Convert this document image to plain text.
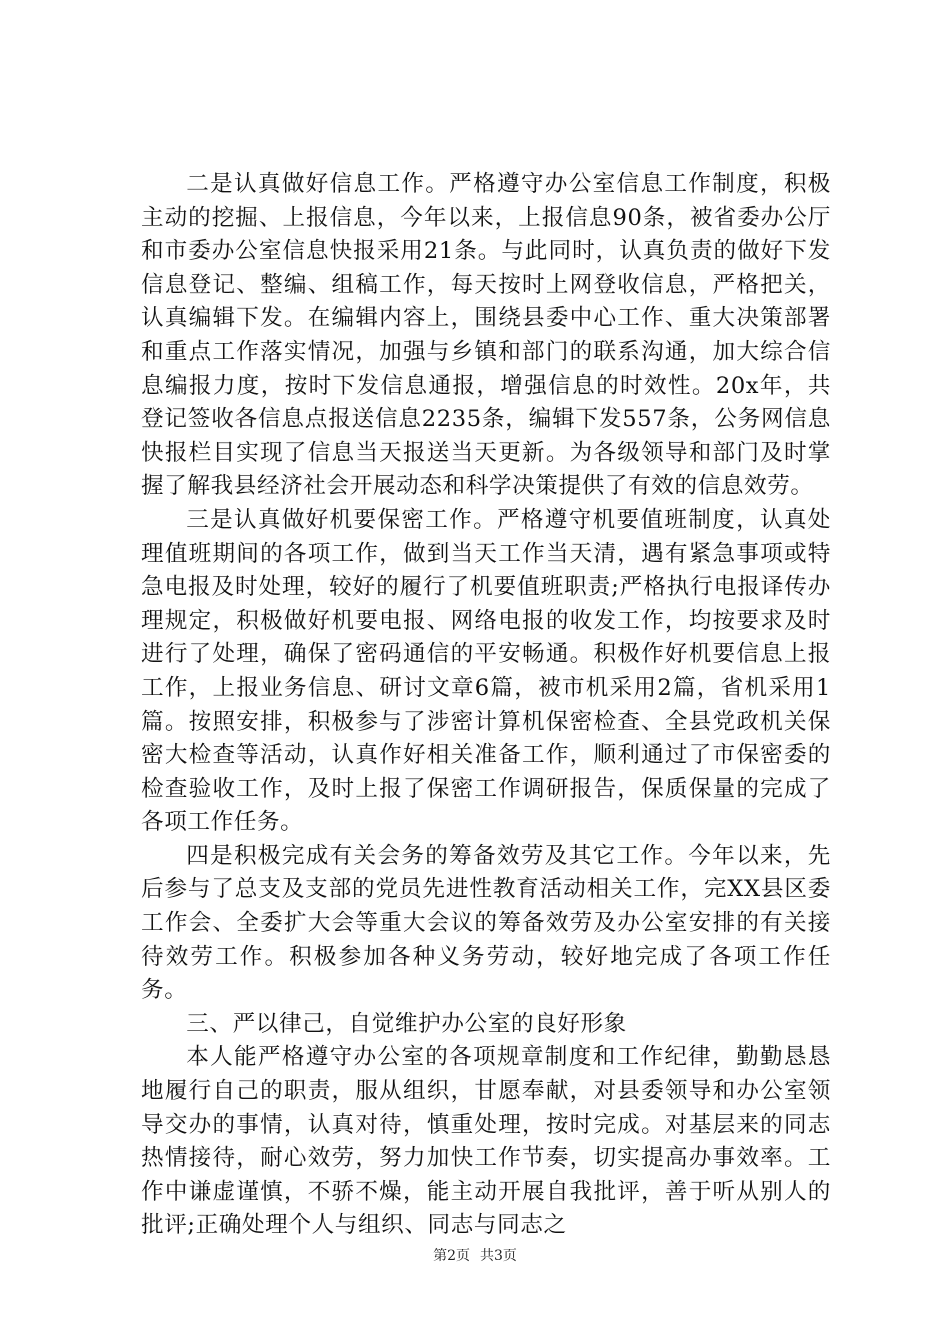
二是认真做好信息工作。严格遵守办公室信息工作制度，积极主动的挖掘、上报信息，今年以来，上报信息90条，被省委办公厅和市委办公室信息快报采用21条。与此同时，认真负责的做好下发信息登记、整编、组稿工作，每天按时上网登收信息，严格把关，认真编辑下发。在编辑内容上，围绕县委中心工作、重大决策部署和重点工作落实情况，加强与乡镇和部门的联系沟通，加大综合信息编报力度，按时下发信息通报，增强信息的时效性。20x年，共登记签收各信息点报送信息2235条，编辑下发557条，公务网信息快报栏目实现了信息当天报送当天更新。为各级领导和部门及时掌握了解我县经济社会开展动态和科学决策提供了有效的信息效劳。

三是认真做好机要保密工作。严格遵守机要值班制度，认真处理值班期间的各项工作，做到当天工作当天清，遇有紧急事项或特急电报及时处理，较好的履行了机要值班职责;严格执行电报译传办理规定，积极做好机要电报、网络电报的收发工作，均按要求及时进行了处理，确保了密码通信的平安畅通。积极作好机要信息上报工作，上报业务信息、研讨文章6篇，被市机采用2篇，省机采用1篇。按照安排，积极参与了涉密计算机保密检查、全县党政机关保密大检查等活动，认真作好相关准备工作，顺利通过了市保密委的检查验收工作，及时上报了保密工作调研报告，保质保量的完成了各项工作任务。

四是积极完成有关会务的筹备效劳及其它工作。今年以来，先后参与了总支及支部的党员先进性教育活动相关工作，完XX县区委工作会、全委扩大会等重大会议的筹备效劳及办公室安排的有关接待效劳工作。积极参加各种义务劳动，较好地完成了各项工作任务。

三、严以律己，自觉维护办公室的良好形象

本人能严格遵守办公室的各项规章制度和工作纪律，勤勤恳恳地履行自己的职责，服从组织，甘愿奉献，对县委领导和办公室领导交办的事情，认真对待，慎重处理，按时完成。对基层来的同志热情接待，耐心效劳，努力加快工作节奏，切实提高办事效率。工作中谦虚谨慎，不骄不燥，能主动开展自我批评，善于听从别人的批评;正确处理个人与组织、同志与同志之

第2页 共3页
